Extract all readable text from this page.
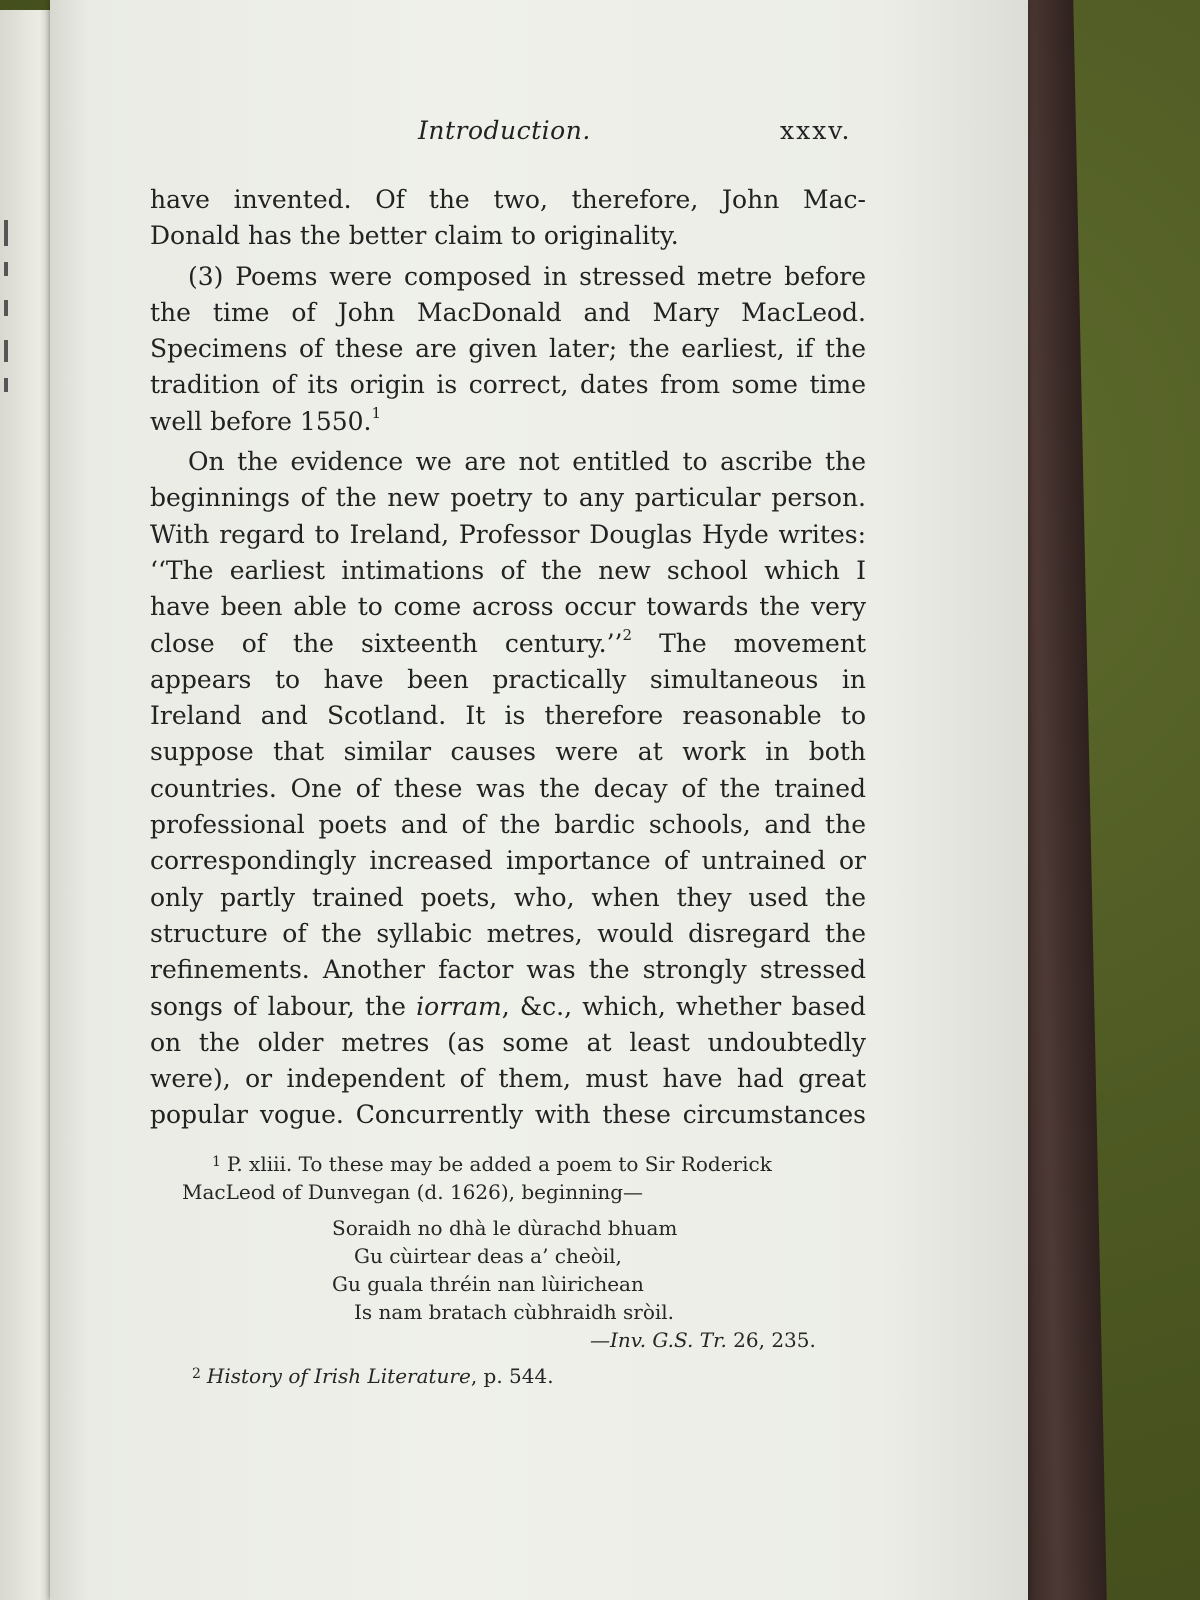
Introduction.	xxxv.
have invented. Of the two, therefore, John Mac-
Donald has the better claim to originality.
(3) Poems were composed in stressed metre before
the time of John MacDonald and Mary MacLeod.
Specimens of these are given later; the earliest, if the
tradition of its origin is correct, dates from some time
well before 1550.$^1$
On the evidence we are not entitled to ascribe the
beginnings of the new poetry to any particular person.
With regard to Ireland, Professor Douglas Hyde writes:
‘‘The earliest intimations of the new school which I
have been able to come across occur towards the very
close of the sixteenth century.’’$^2$ The movement
appears to have been practically simultaneous in
Ireland and Scotland. It is therefore reasonable to
suppose that similar causes were at work in both
countries. One of these was the decay of the trained
professional poets and of the bardic schools, and the
correspondingly increased importance of untrained or
only partly trained poets, who, when they used the
structure of the syllabic metres, would disregard the
refinements. Another factor was the strongly stressed
songs of labour, the iorram, &c., which, whether based
on the older metres (as some at least undoubtedly
were), or independent of them, must have had great
popular vogue. Concurrently with these circumstances
$^1$ P. xliii. To these may be added a poem to Sir Roderick
MacLeod of Dunvegan (d. 1626), beginning—
Soraidh no dhà le dùrachd bhuam
Gu cùirtear deas a’ cheòil,
Gu guala thréin nan lùirichean
Is nam bratach cùbhraidh sròil.
—Inv. G.S. Tr. 26, 235.
$^2$ History of Irish Literature, p. 544.
